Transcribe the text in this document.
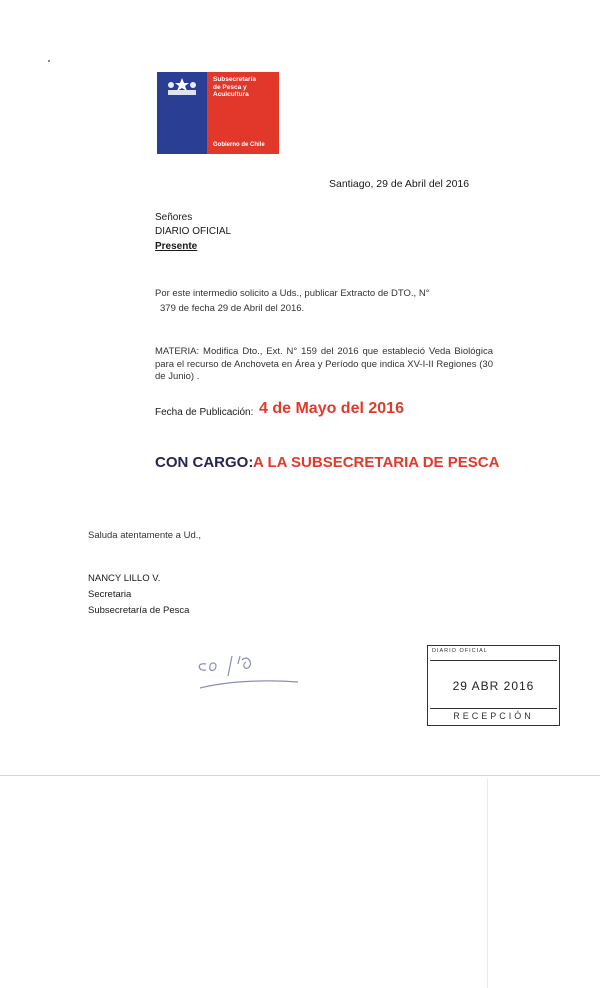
Subsecretaría
de Pesca y
Acuicultura
Gobierno de Chile
Santiago, 29 de Abril del 2016
Señores
DIARIO OFICIAL
Presente
Por este intermedio solicito a Uds., publicar Extracto de DTO., N°
379 de fecha 29 de Abril del 2016.
MATERIA: Modifica Dto., Ext. N° 159 del 2016 que estableció Veda Biológica para el recurso de Anchoveta en Área y Período que indica XV-I-II Regiones (30 de Junio) .
Fecha de Publicación: 4 de Mayo del 2016
CON CARGO: A LA SUBSECRETARIA DE PESCA
Saluda atentamente a Ud.,
NANCY LILLO V.
Secretaria
Subsecretaría de Pesca
DIARIO OFICIAL
29 ABR 2016
RECEPCIÓN
